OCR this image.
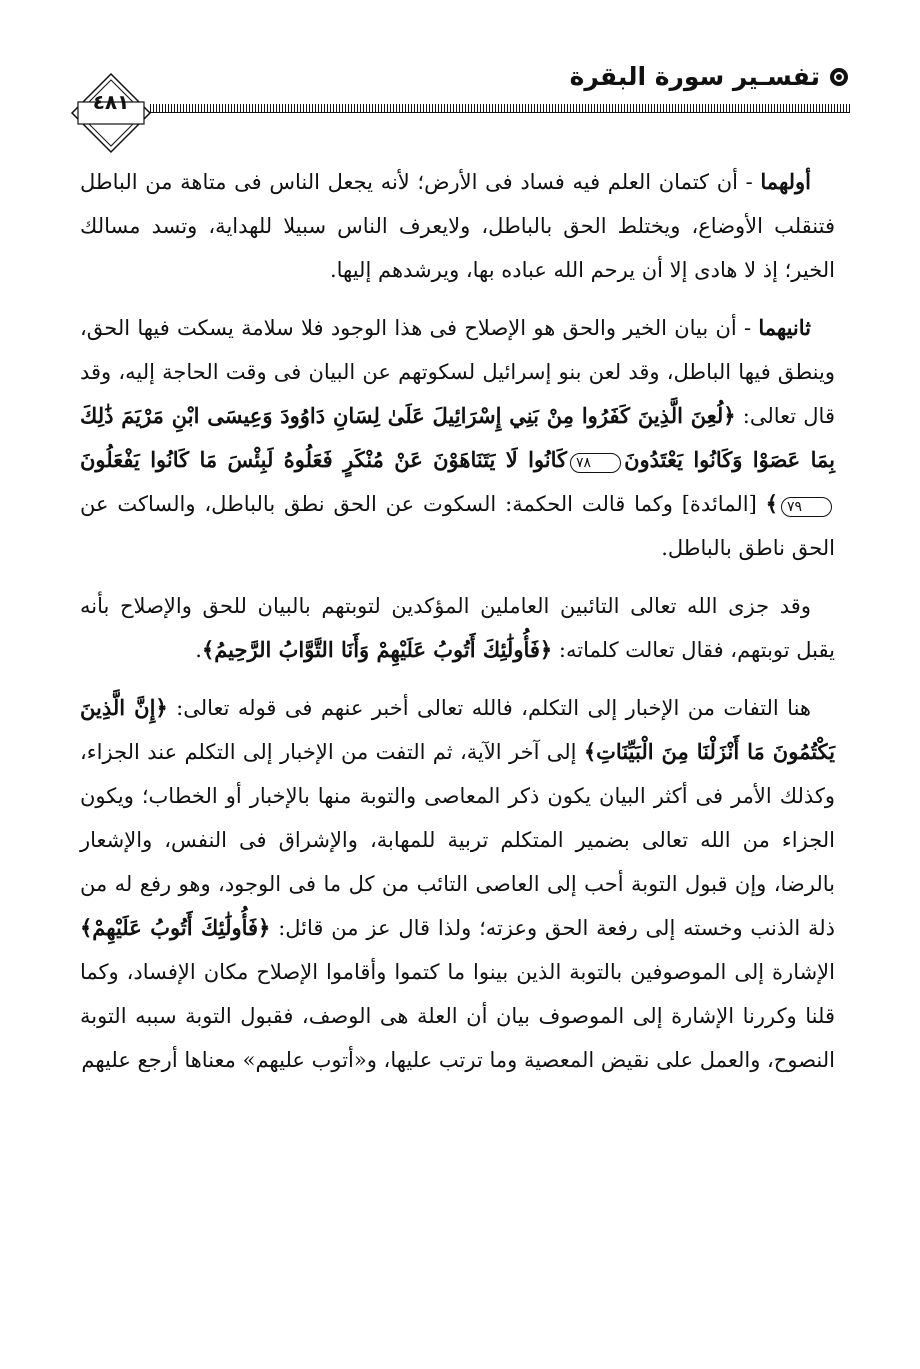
تفسـير سورة البقرة
٤٨١

أولهما - أن كتمان العلم فيه فساد فى الأرض؛ لأنه يجعل الناس فى متاهة من الباطل فتنقلب الأوضاع، ويختلط الحق بالباطل، ولايعرف الناس سبيلا للهداية، وتسد مسالك الخير؛ إذ لا هادى إلا أن يرحم الله عباده بها، ويرشدهم إليها.

ثانيهما - أن بيان الخير والحق هو الإصلاح فى هذا الوجود فلا سلامة يسكت فيها الحق، وينطق فيها الباطل، وقد لعن بنو إسرائيل لسكوتهم عن البيان فى وقت الحاجة إليه، وقد قال تعالى: ﴿لُعِنَ الَّذِينَ كَفَرُوا مِنْ بَنِي إِسْرَائِيلَ عَلَىٰ لِسَانِ دَاوُودَ وَعِيسَى ابْنِ مَرْيَمَ ذَٰلِكَ بِمَا عَصَوْا وَكَانُوا يَعْتَدُونَ٧٨كَانُوا لَا يَتَنَاهَوْنَ عَنْ مُنْكَرٍ فَعَلُوهُ لَبِئْسَ مَا كَانُوا يَفْعَلُونَ٧٩﴾ [المائدة] وكما قالت الحكمة: السكوت عن الحق نطق بالباطل، والساكت عن الحق ناطق بالباطل.

وقد جزى الله تعالى التائبين العاملين المؤكدين لتوبتهم بالبيان للحق والإصلاح بأنه يقبل توبتهم، فقال تعالت كلماته: ﴿فَأُولَٰئِكَ أَتُوبُ عَلَيْهِمْ وَأَنَا التَّوَّابُ الرَّحِيمُ﴾.

هنا التفات من الإخبار إلى التكلم، فالله تعالى أخبر عنهم فى قوله تعالى: ﴿إِنَّ الَّذِينَ يَكْتُمُونَ مَا أَنْزَلْنَا مِنَ الْبَيِّنَاتِ﴾ إلى آخر الآية، ثم التفت من الإخبار إلى التكلم عند الجزاء، وكذلك الأمر فى أكثر البيان يكون ذكر المعاصى والتوبة منها بالإخبار أو الخطاب؛ ويكون الجزاء من الله تعالى بضمير المتكلم تربية للمهابة، والإشراق فى النفس، والإشعار بالرضا، وإن قبول التوبة أحب إلى العاصى التائب من كل ما فى الوجود، وهو رفع له من ذلة الذنب وخسته إلى رفعة الحق وعزته؛ ولذا قال عز من قائل: ﴿فَأُولَٰئِكَ أَتُوبُ عَلَيْهِمْ﴾ الإشارة إلى الموصوفين بالتوبة الذين بينوا ما كتموا وأقاموا الإصلاح مكان الإفساد، وكما قلنا وكررنا الإشارة إلى الموصوف بيان أن العلة هى الوصف، فقبول التوبة سببه التوبة النصوح، والعمل على نقيض المعصية وما ترتب عليها، و«أتوب عليهم» معناها أرجع عليهم
